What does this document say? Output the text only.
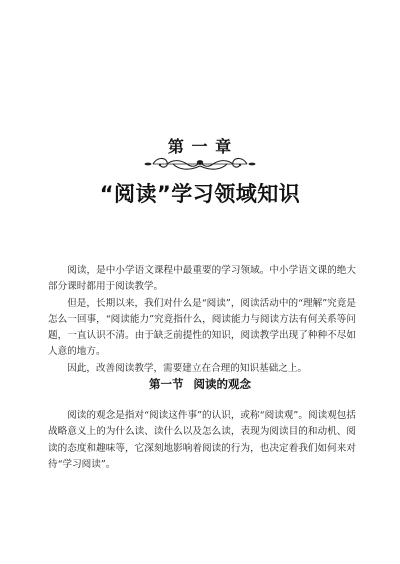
第 一 章
“阅读”学习领域知识

阅读，是中小学语文课程中最重要的学习领域。中小学语文课的绝大部分课时都用于阅读教学。

但是，长期以来，我们对什么是“阅读”，阅读活动中的“理解”究竟是怎么一回事，“阅读能力”究竟指什么，阅读能力与阅读方法有何关系等问题，一直认识不清。由于缺乏前提性的知识，阅读教学出现了种种不尽如人意的地方。

因此，改善阅读教学，需要建立在合理的知识基础之上。

第一节 阅读的观念

阅读的观念是指对“阅读这件事”的认识，或称“阅读观”。阅读观包括战略意义上的为什么读、读什么以及怎么读，表现为阅读目的和动机、阅读的态度和趣味等，它深刻地影响着阅读的行为，也决定着我们如何来对待“学习阅读”。
